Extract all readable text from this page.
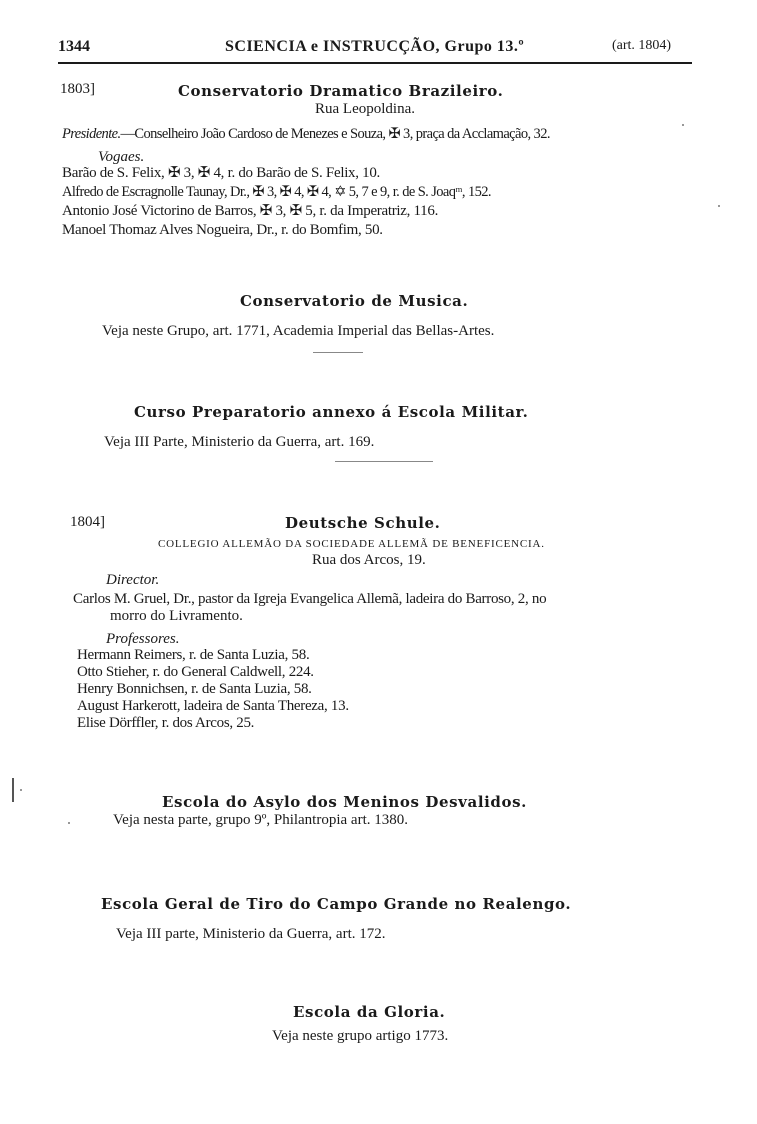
1344	SCIENCIA e INSTRUCÇÃO, Grupo 13.º	(art. 1804)
1803]	Conservatorio Dramatico Brazileiro.
Rua Leopoldina.
Presidente.—Conselheiro João Cardoso de Menezes e Souza, ✠ 3, praça da Acclamação, 32.
Vogaes.
Barão de S. Felix, ✠ 3, ✠ 4, r. do Barão de S. Felix, 10.
Alfredo de Escragnolle Taunay, Dr., ✠ 3, ✠ 4, ✠ 4, ✡ 5, 7 e 9, r. de S. Joaqᵐ, 152.
Antonio José Victorino de Barros, ✠ 3, ✠ 5, r. da Imperatriz, 116.
Manoel Thomaz Alves Nogueira, Dr., r. do Bomfim, 50.
Conservatorio de Musica.
Veja neste Grupo, art. 1771, Academia Imperial das Bellas-Artes.
Curso Preparatorio annexo á Escola Militar.
Veja III Parte, Ministerio da Guerra, art. 169.
1804]	Deutsche Schule.
COLLEGIO ALLEMÃO DA SOCIEDADE ALLEMÃ DE BENEFICENCIA.
Rua dos Arcos, 19.
Director.
Carlos M. Gruel, Dr., pastor da Igreja Evangelica Allemã, ladeira do Barroso, 2, no
morro do Livramento.
Professores.
Hermann Reimers, r. de Santa Luzia, 58.
Otto Stieher, r. do General Caldwell, 224.
Henry Bonnichsen, r. de Santa Luzia, 58.
August Harkerott, ladeira de Santa Thereza, 13.
Elise Dörffler, r. dos Arcos, 25.
Escola do Asylo dos Meninos Desvalidos.
Veja nesta parte, grupo 9º, Philantropia art. 1380.
Escola Geral de Tiro do Campo Grande no Realengo.
Veja III parte, Ministerio da Guerra, art. 172.
Escola da Gloria.
Veja neste grupo artigo 1773.
